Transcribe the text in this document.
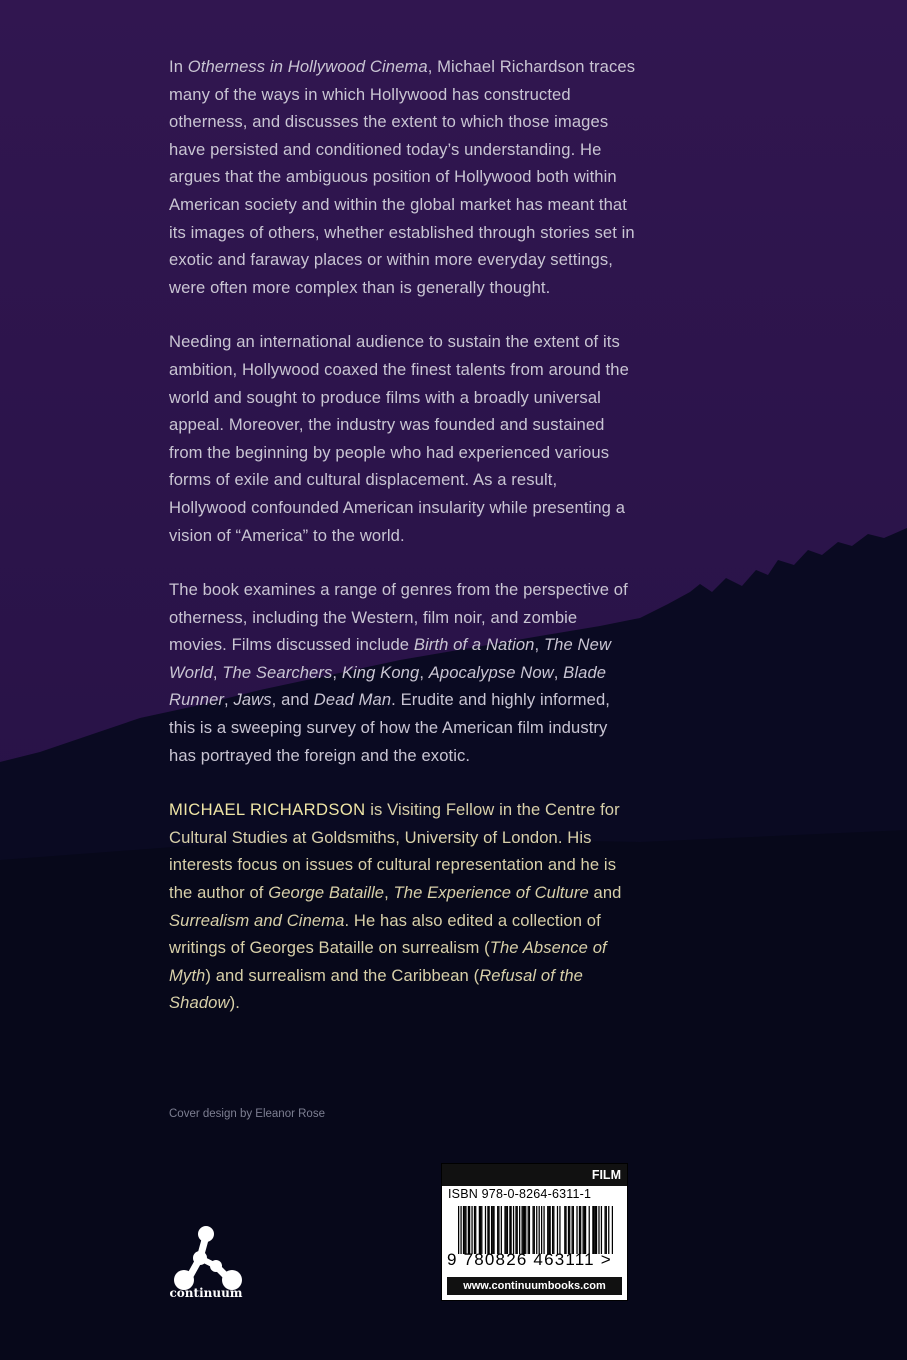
In Otherness in Hollywood Cinema, Michael Richardson traces many of the ways in which Hollywood has constructed otherness, and discusses the extent to which those images have persisted and conditioned today’s understanding. He argues that the ambiguous position of Hollywood both within American society and within the global market has meant that its images of others, whether established through stories set in exotic and faraway places or within more everyday settings, were often more complex than is generally thought.

Needing an international audience to sustain the extent of its ambition, Hollywood coaxed the finest talents from around the world and sought to produce films with a broadly universal appeal. Moreover, the industry was founded and sustained from the beginning by people who had experienced various forms of exile and cultural displacement. As a result, Hollywood confounded American insularity while presenting a vision of “America” to the world.

The book examines a range of genres from the perspective of otherness, including the Western, film noir, and zombie movies. Films discussed include Birth of a Nation, The New World, The Searchers, King Kong, Apocalypse Now, Blade Runner, Jaws, and Dead Man. Erudite and highly informed, this is a sweeping survey of how the American film industry has portrayed the foreign and the exotic.

MICHAEL RICHARDSON is Visiting Fellow in the Centre for Cultural Studies at Goldsmiths, University of London. His interests focus on issues of cultural representation and he is the author of George Bataille, The Experience of Culture and Surrealism and Cinema. He has also edited a collection of writings of Georges Bataille on surrealism (The Absence of Myth) and surrealism and the Caribbean (Refusal of the Shadow).

Cover design by Eleanor Rose
continuum
FILM
ISBN 978-0-8264-6311-1
9 780826 463111 >
www.continuumbooks.com
